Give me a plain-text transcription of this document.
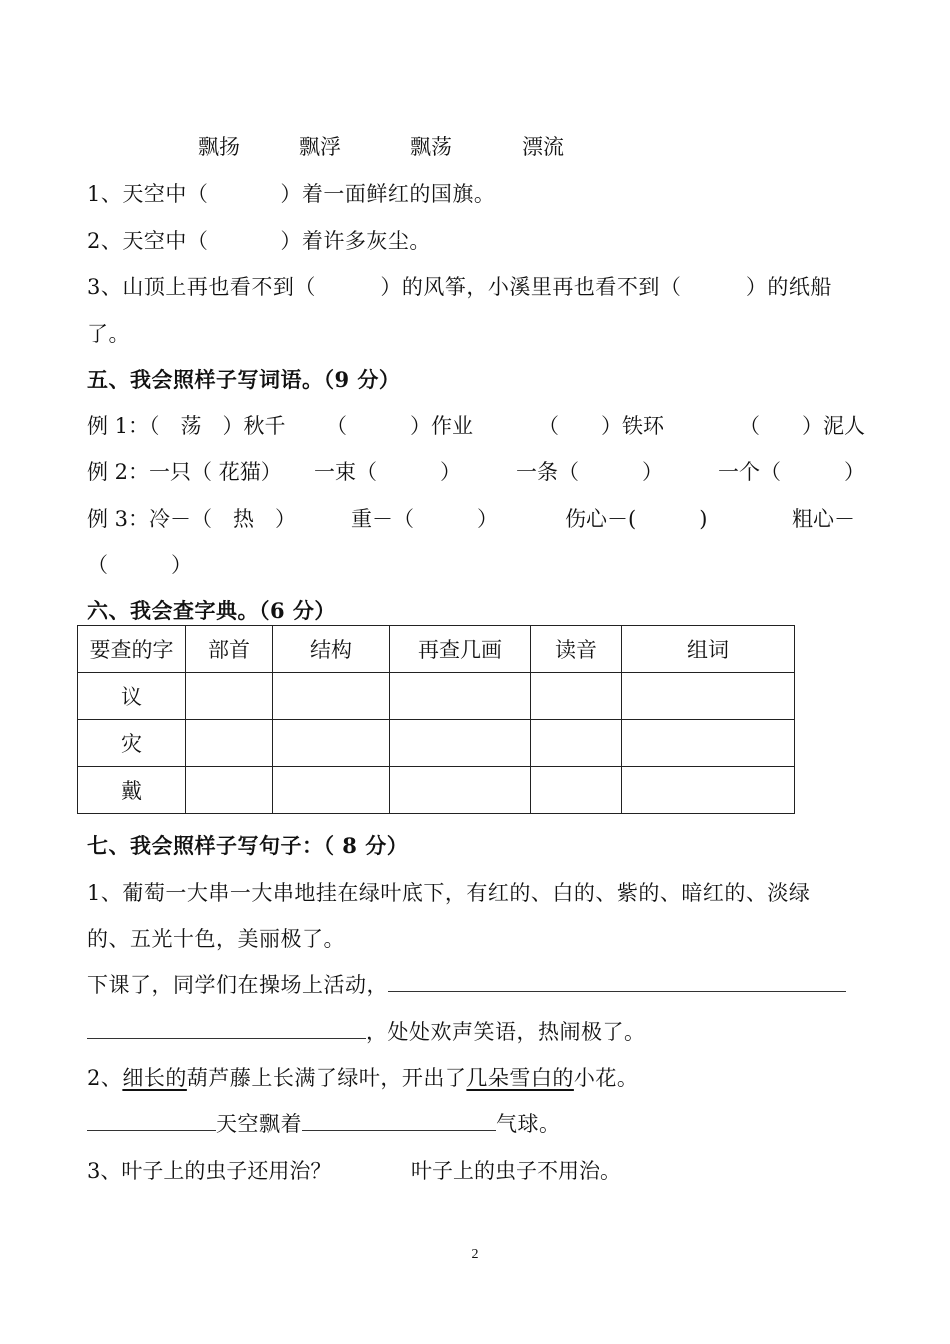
飘扬	飘浮	飘荡	漂流
1、天空中（	）着一面鲜红的国旗。
2、天空中（	）着许多灰尘。
3、山顶上再也看不到（　　　）的风筝，小溪里再也看不到（　　　）的纸船
了。
五、我会照样子写词语。（9 分）
例 1：（　荡　）秋千 （　　　）作业	（　　）铁环	（　　）泥人
例 2：一只（ 花猫） 一束（　　　）	一条（　　　）	一个（　　　）
例 3：冷－（　热　）	重－（　　　）	伤心－(　　　)	粗心－
（　　　）
六、我会查字典。（6 分）
要查的字	部首	结构	再查几画	读音	组词
议					
灾					
戴					
七、我会照样子写句子：（ 8 分）
1、葡萄一大串一大串地挂在绿叶底下，有红的、白的、紫的、暗红的、淡绿
的、五光十色，美丽极了。
下课了，同学们在操场上活动，
，处处欢声笑语，热闹极了。
2、细长的葫芦藤上长满了绿叶，开出了几朵雪白的小花。
天空飘着	气球。
3、叶子上的虫子还用治？	叶子上的虫子不用治。
2
